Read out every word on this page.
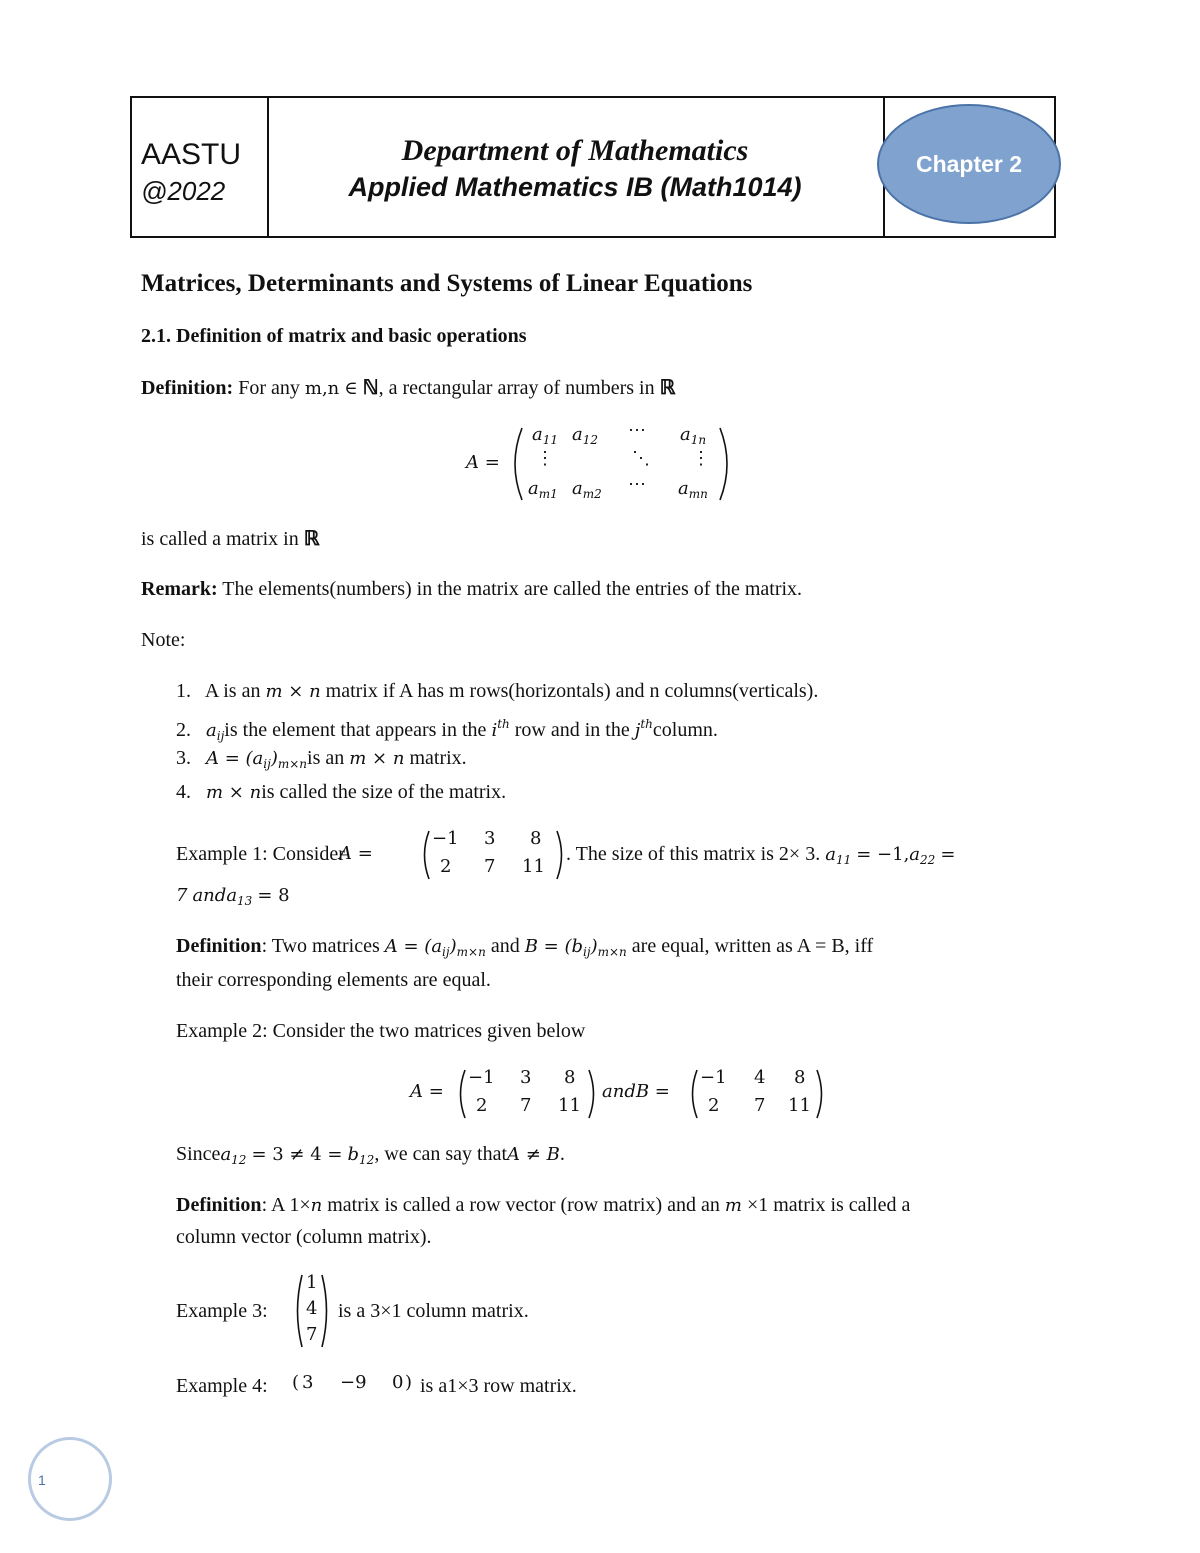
AASTU
@2022
Department of Mathematics
Applied Mathematics IB (Math1014)
Chapter 2
Matrices, Determinants and Systems of Linear Equations
2.1. Definition of matrix and basic operations
Definition: For any m,n ∈ ℕ, a rectangular array of numbers in ℝ
A =
$a_{11}$ $a_{12}$ ⋯ $a_{1n}$
⋮	⋱ ⋮
$a_{m1}$ $a_{m2}$ ⋯ $a_{mn}$
is called a matrix in ℝ
Remark: The elements(numbers) in the matrix are called the entries of the matrix.
Note:
1. A is an m × n matrix if A has m rows(horizontals) and n columns(verticals).
2. $a_{ij}is$ the element that appears in the $i^{th}$ row and in the $j^{th}column$.
3. $A = (a_{ij})_{m\times n}is$ an m × n matrix.
4. m × nis called the size of the matrix.
Example 1: Consider
A =
−1 3 8
2 7 11
. The size of this matrix is 2× 3. $a_{11} = -1,a_{22}$ =
7 anda$_{13}$ = 8
Definition: Two matrices $A = (a_{ij})_{m\times n}$ and $B = (b_{ij})_{m\times n}$ are equal, written as A = B, iff
their corresponding elements are equal.
Example 2: Consider the two matrices given below
A =
−1 3 8
2 7 11
andB =
−1 4 8
2 7 11
Sincea$_{12}$ = $3 \ne 4 = b_{12}$, we can say thatA ≠ B.
Definition: A 1×n matrix is called a row vector (row matrix) and an m ×1 matrix is called a
column vector (column matrix).
Example 3:
1
4
7
is a 3×1 column matrix.
Example 4: ( 3 −9 0 ) is a1×3 row matrix.
1
